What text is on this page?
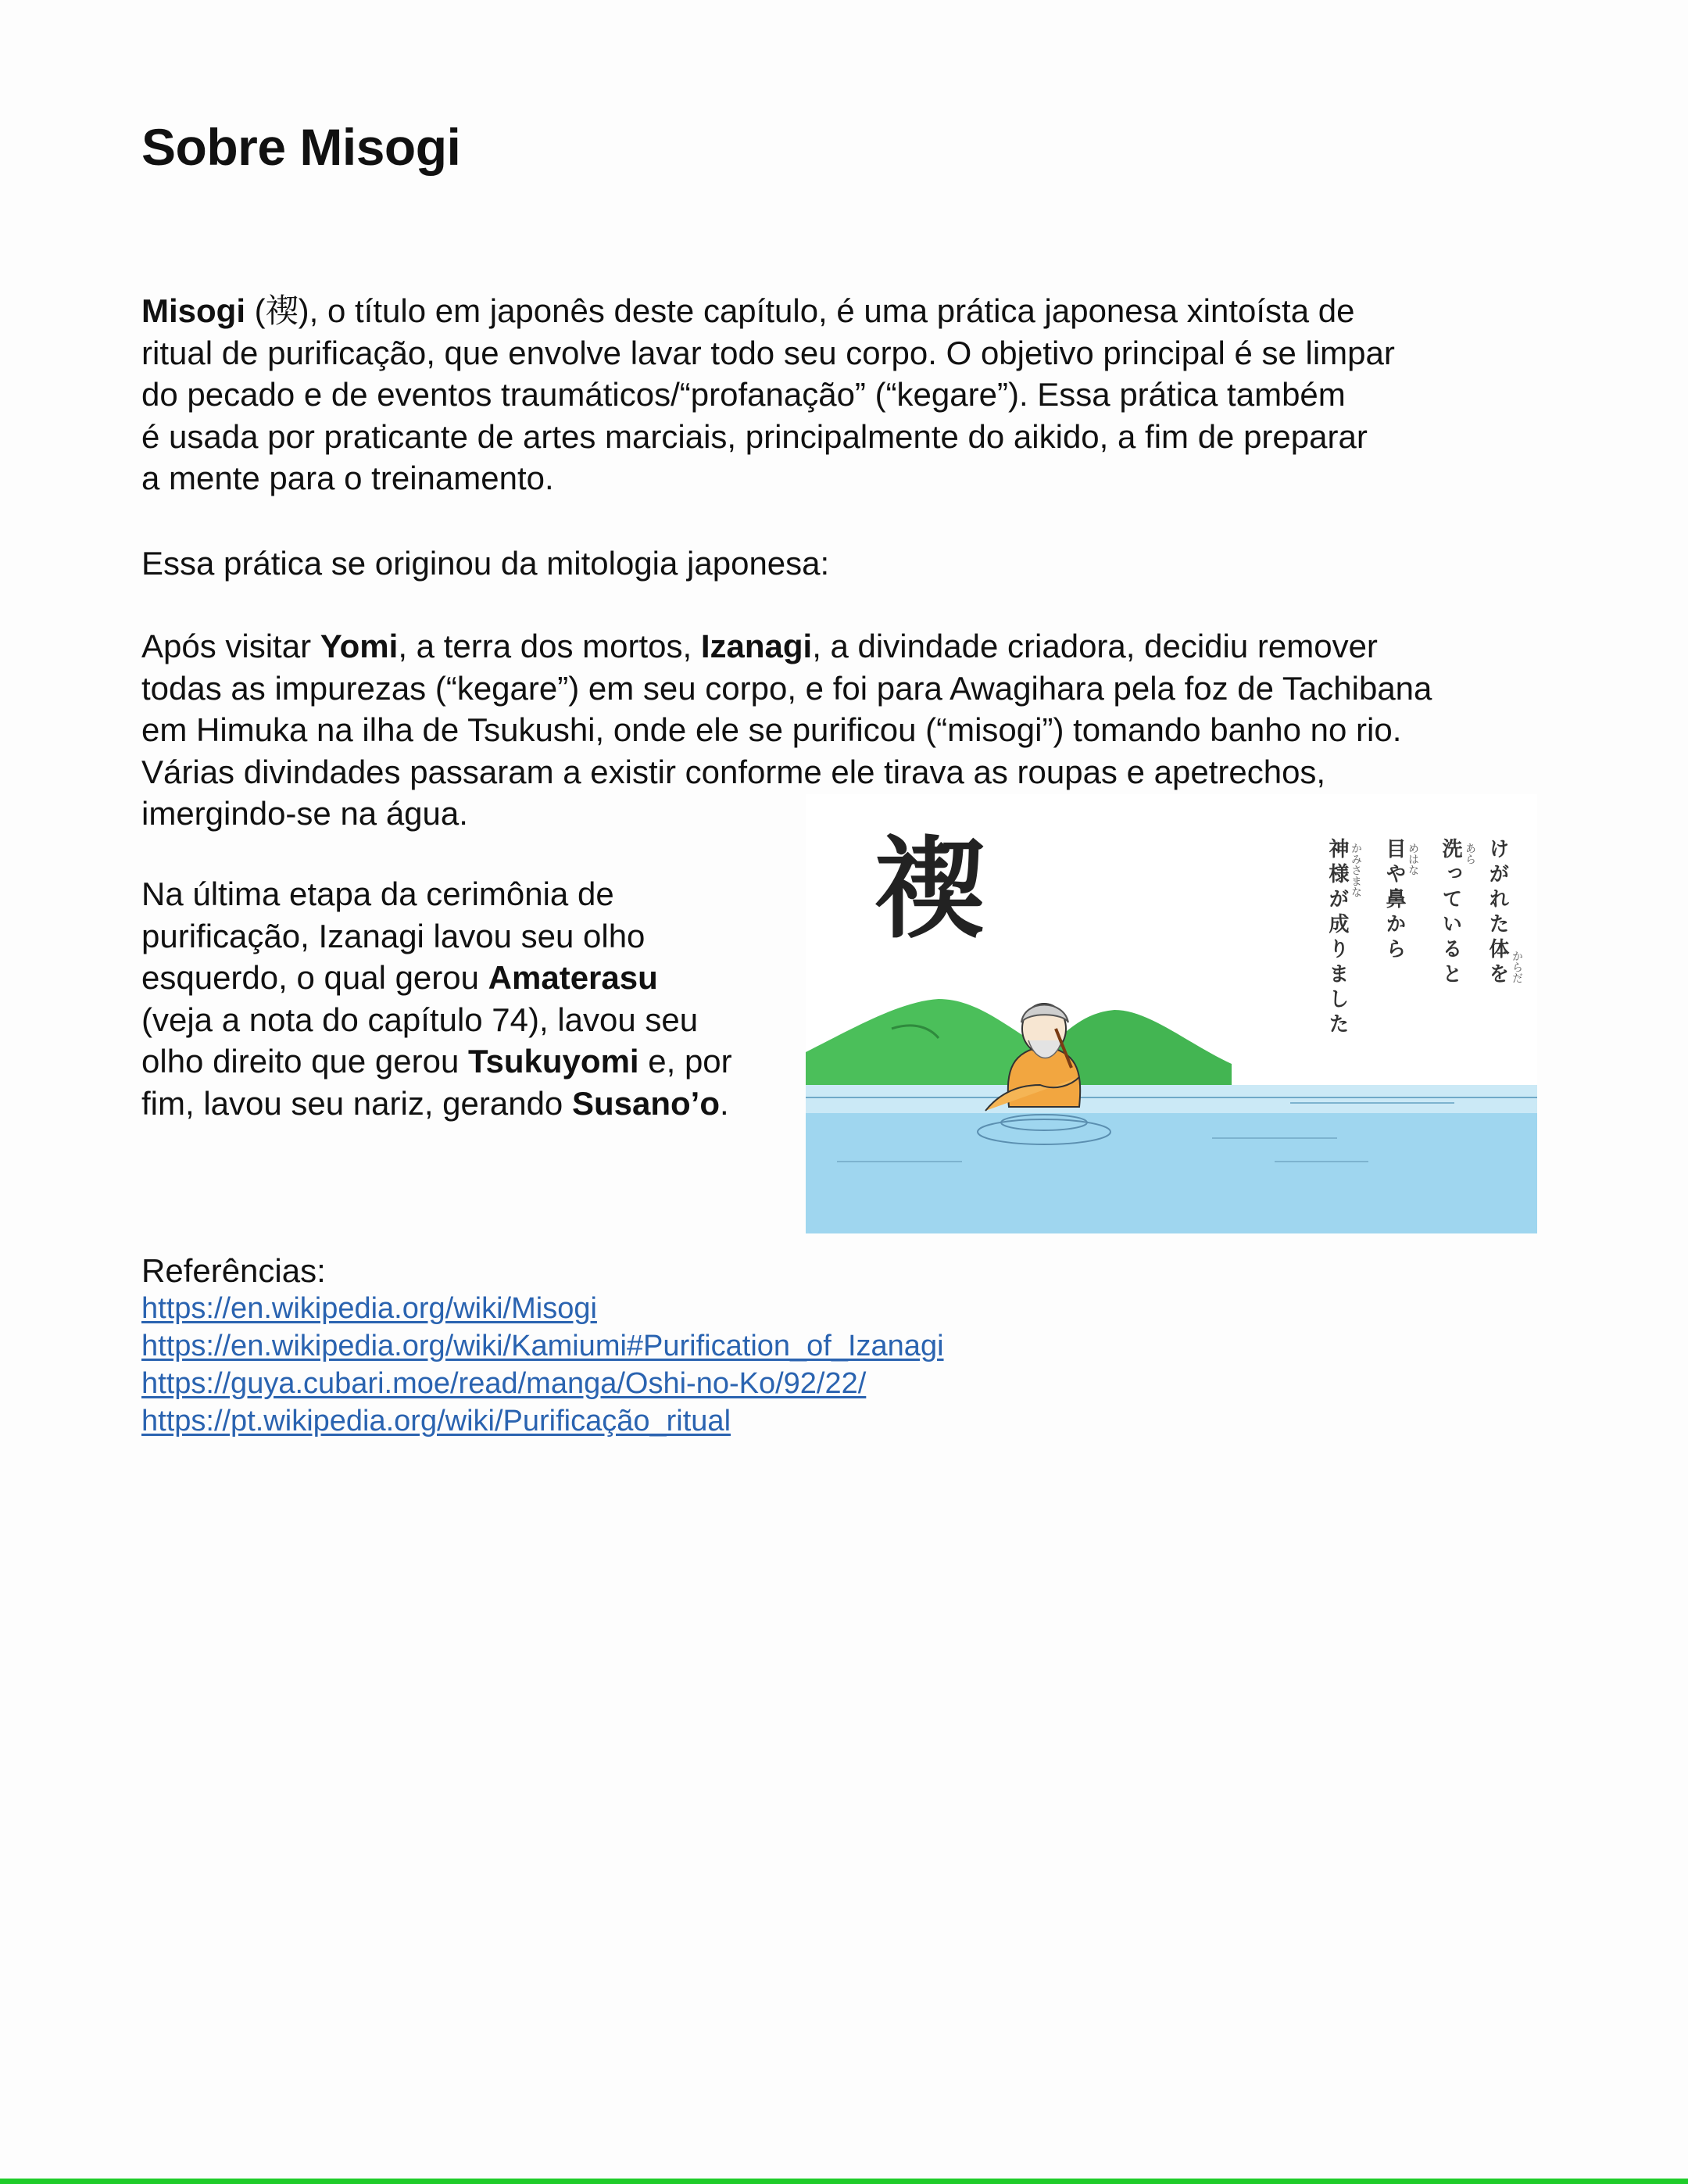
Sobre Misogi

Misogi (禊), o título em japonês deste capítulo, é uma prática japonesa xintoísta de
ritual de purificação, que envolve lavar todo seu corpo. O objetivo principal é se limpar
do pecado e de eventos traumáticos/“profanação” (“kegare”). Essa prática também
é usada por praticante de artes marciais, principalmente do aikido, a fim de preparar
a mente para o treinamento.

Essa prática se originou da mitologia japonesa:

Após visitar Yomi, a terra dos mortos, Izanagi, a divindade criadora, decidiu remover
todas as impurezas (“kegare”) em seu corpo, e foi para Awagihara pela foz de Tachibana
em Himuka na ilha de Tsukushi, onde ele se purificou (“misogi”) tomando banho no rio.
Várias divindades passaram a existir conforme ele tirava as roupas e apetrechos,
imergindo-se na água.

Na última etapa da cerimônia de
purificação, Izanagi lavou seu olho
esquerdo, o qual gerou Amaterasu
(veja a nota do capítulo 74), lavou seu
olho direito que gerou Tsukuyomi e, por
fim, lavou seu nariz, gerando Susano’o.

禊	けがれた体を からだ
洗っていると あら
目や鼻から めはな
神様が成りました かみさまな
Referências:
https://en.wikipedia.org/wiki/Misogi
https://en.wikipedia.org/wiki/Kamiumi#Purification_of_Izanagi
https://guya.cubari.moe/read/manga/Oshi-no-Ko/92/22/
https://pt.wikipedia.org/wiki/Purificação_ritual
